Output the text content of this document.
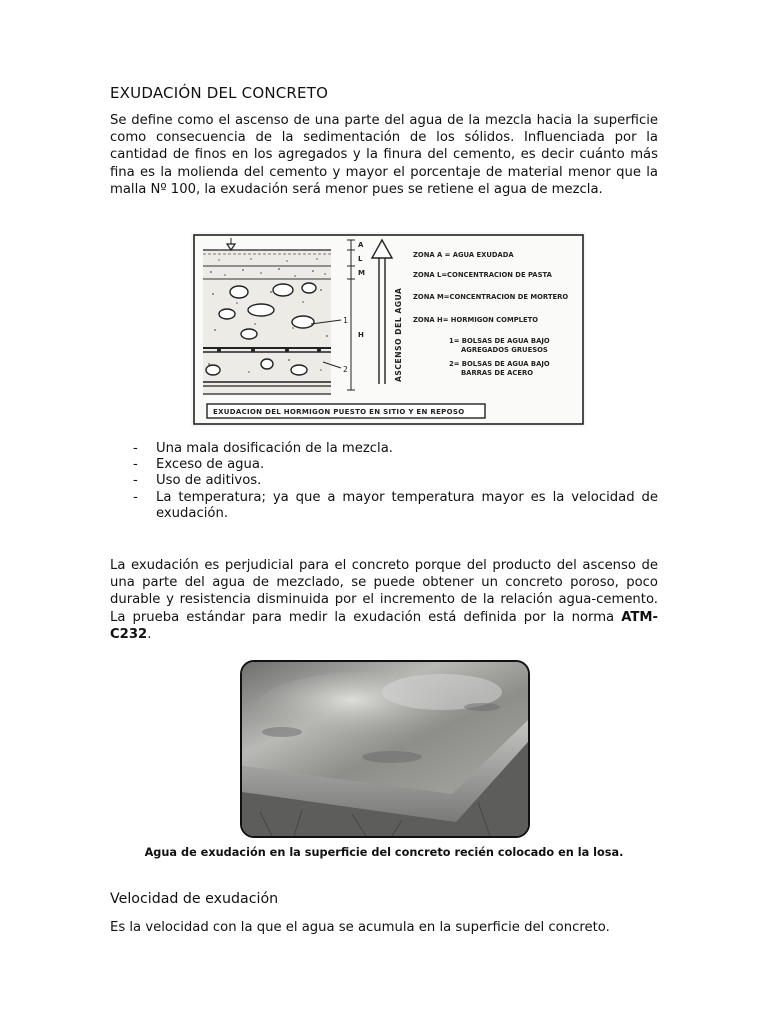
EXUDACIÓN DEL CONCRETO

Se define como el ascenso de una parte del agua de la mezcla hacia la superficie como consecuencia de la sedimentación de los sólidos. Influenciada por la cantidad de finos en los agregados y la finura del cemento, es decir cuánto más fina es la molienda del cemento y mayor el porcentaje de material menor que la malla Nº 100, la exudación será menor pues se retiene el agua de mezcla.

1
2
A
L
M
H	ASCENSO DEL AGUA
ZONA A = AGUA EXUDADA
ZONA L=CONCENTRACION DE PASTA
ZONA M=CONCENTRACION DE MORTERO
ZONA H= HORMIGON COMPLETO
1= BOLSAS DE AGUA BAJO
AGREGADOS GRUESOS
2= BOLSAS DE AGUA BAJO
BARRAS DE ACERO
EXUDACION DEL HORMIGON PUESTO EN SITIO Y EN REPOSO
- Una mala dosificación de la mezcla.
- Exceso de agua.
- Uso de aditivos.
- La temperatura; ya que a mayor temperatura mayor es la velocidad de exudación.

La exudación es perjudicial para el concreto porque del producto del ascenso de una parte del agua de mezclado, se puede obtener un concreto poroso, poco durable y resistencia disminuida por el incremento de la relación agua-cemento. La prueba estándar para medir la exudación está definida por la norma ATM-C232.

Agua de exudación en la superficie del concreto recién colocado en la losa.
Velocidad de exudación

Es la velocidad con la que el agua se acumula en la superficie del concreto.
